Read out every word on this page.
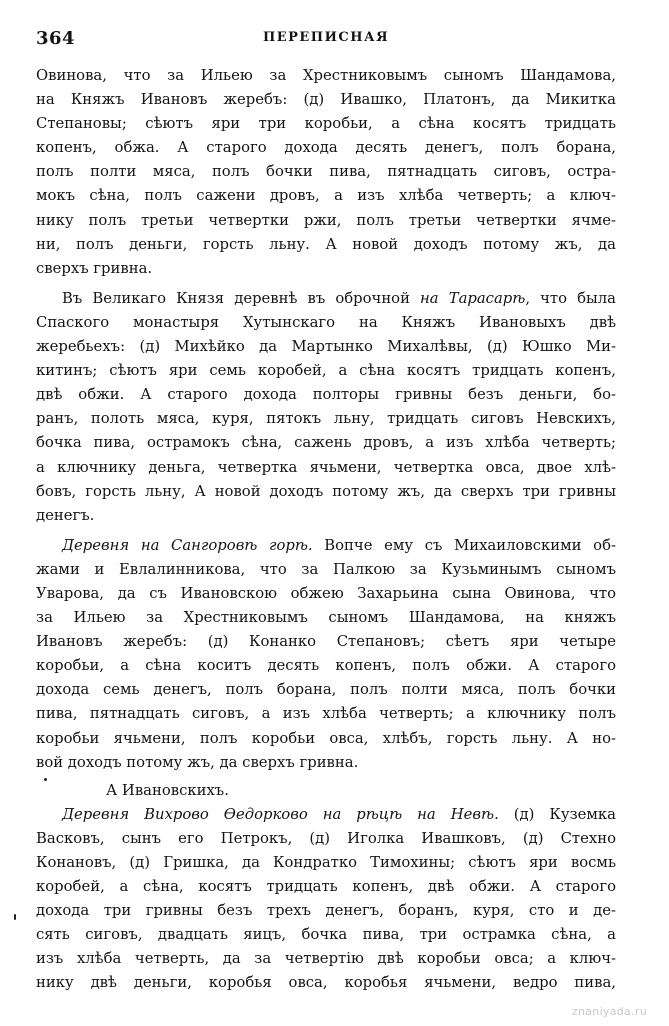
364	ПЕРЕПИСНАЯ
Овинова, что за Ильею за Хрестниковымъ сыномъ Шандамова,
на Княжъ Ивановъ жеребъ: (д) Ивашко, Платонъ, да Микитка
Степановы; сѣютъ яри три коробьи, а сѣна косятъ тридцать
копенъ, обжа. А старого дохода десять денегъ, полъ борана,
полъ полти мяса, полъ бочки пива, пятнадцать сиговъ, остра-
мокъ сѣна, полъ сажени дровъ, а изъ хлѣба четверть; а ключ-
нику полъ третьи четвертки ржи, полъ третьи четвертки ячме-
ни, полъ деньги, горсть льну. А новой доходъ потому жъ, да
сверхъ гривна.
Въ Великаго Князя деревнѣ въ оброчной на Тарасарѣ, что была
Спаского монастыря Хутынскаго на Княжъ Ивановыхъ двѣ
жеребьехъ: (д) Михѣйко да Мартынко Михалѣвы, (д) Юшко Ми-
китинъ; сѣютъ яри семь коробей, а сѣна косятъ тридцать копенъ,
двѣ обжи. А старого дохода полторы гривны безъ деньги, бо-
ранъ, полоть мяса, куря, пятокъ льну, тридцать сиговъ Невскихъ,
бочка пива, острамокъ сѣна, сажень дровъ, а изъ хлѣба четверть;
а ключнику деньга, четвертка ячьмени, четвертка овса, двое хлѣ-
бовъ, горсть льну, А новой доходъ потому жъ, да сверхъ три гривны
денегъ.
Деревня на Сангоровѣ горѣ. Вопче ему съ Михаиловскими об-
жами и Евлалинникова, что за Палкою за Кузьминымъ сыномъ
Уварова, да съ Ивановскою обжею Захарьина сына Овинова, что
за Ильею за Хрестниковымъ сыномъ Шандамова, на княжъ
Ивановъ жеребъ: (д) Конанко Степановъ; сѣетъ яри четыре
коробьи, а сѣна коситъ десять копенъ, полъ обжи. А старого
дохода семь денегъ, полъ борана, полъ полти мяса, полъ бочки
пива, пятнадцать сиговъ, а изъ хлѣба четверть; а ключнику полъ
коробьи ячьмени, полъ коробьи овса, хлѣбъ, горсть льну. А но-
вой доходъ потому жъ, да сверхъ гривна.
А Ивановскихъ.
Деревня Вихрово Өедорково на рѣцѣ на Невѣ. (д) Куземка
Васковъ, сынъ его Петрокъ, (д) Иголка Ивашковъ, (д) Стехно
Конановъ, (д) Гришка, да Кондратко Тимохины; сѣютъ яри восмь
коробей, а сѣна, косятъ тридцать копенъ, двѣ обжи. А старого
дохода три гривны безъ трехъ денегъ, боранъ, куря, сто и де-
сять сиговъ, двадцать яицъ, бочка пива, три острамка сѣна, а
изъ хлѣба четверть, да за четвертію двѣ коробьи овса; а ключ-
нику двѣ деньги, коробья овса, коробья ячьмени, ведро пива,
znaniyada.ru
